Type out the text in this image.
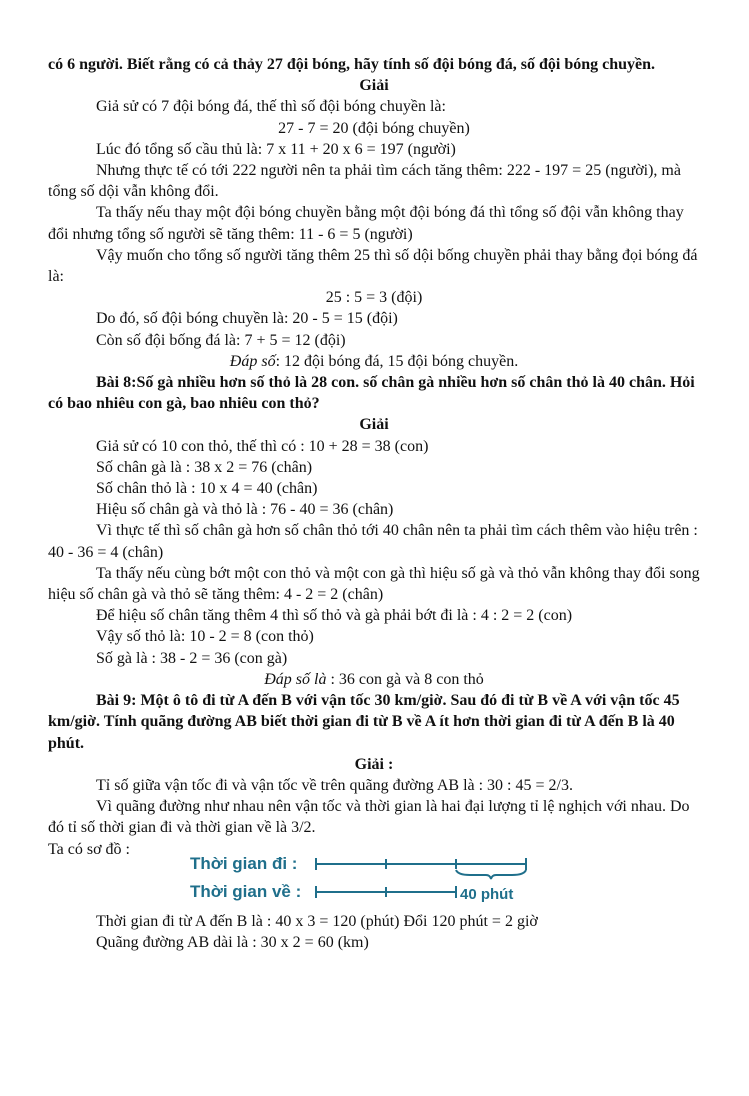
có 6 người. Biết rằng có cả thảy 27 đội bóng, hãy tính số đội bóng đá, số đội bóng chuyền.

Giải

Giả sử có 7 đội bóng đá, thế thì số đội bóng chuyền là:

27 - 7 = 20 (đội bóng chuyền)

Lúc đó tổng số cầu thủ là: 7 x 11 + 20 x 6 = 197 (người)

Nhưng thực tế có tới 222 người nên ta phải tìm cách tăng thêm: 222 - 197 = 25 (người), mà tổng số dội vẫn không đổi.

Ta thấy nếu thay một đội bóng chuyền bằng một đội bóng đá thì tổng số đội vẫn không thay đổi nhưng tổng số người sẽ tăng thêm: 11 - 6 = 5 (người)

Vậy muốn cho tổng số người tăng thêm 25 thì số dội bống chuyền phải thay bằng đọi bóng đá là:

25 : 5 = 3 (đội)

Do đó, số đội bóng chuyền là: 20 - 5 = 15 (đội)

Còn số đội bống đá là: 7 + 5 = 12 (đội)

Đáp số: 12 đội bóng đá, 15 đội bóng chuyền.

Bài 8:Số gà nhiều hơn số thỏ là 28 con. số chân gà nhiều hơn số chân thỏ là 40 chân. Hỏi có bao nhiêu con gà, bao nhiêu con thỏ?

Giải

Giả sử có 10 con thỏ, thế thì có : 10 + 28 = 38 (con)

Số chân gà là : 38 x 2 = 76 (chân)

Số chân thỏ là : 10 x 4 = 40 (chân)

Hiệu số chân gà và thỏ là : 76 - 40 = 36 (chân)

Vì thực tế thì số chân gà hơn số chân thỏ tới 40 chân nên ta phải tìm cách thêm vào hiệu trên : 40 - 36 = 4 (chân)

Ta thấy nếu cùng bớt một con thỏ và một con gà thì hiệu số gà và thỏ vẫn không thay đổi song hiệu số chân gà và thỏ sẽ tăng thêm: 4 - 2 = 2 (chân)

Để hiệu số chân tăng thêm 4 thì số thỏ và gà phải bớt đi là : 4 : 2 = 2 (con)

Vậy số thỏ là: 10 - 2 = 8 (con thỏ)

Số gà là : 38 - 2 = 36 (con gà)

Đáp số là : 36 con gà và 8 con thỏ

Bài 9: Một ô tô đi từ A đến B với vận tốc 30 km/giờ. Sau đó đi từ B về A với vận tốc 45 km/giờ. Tính quãng đường AB biết thời gian đi từ B về A ít hơn thời gian đi từ A đến B là 40 phút.

Giải :

Tỉ số giữa vận tốc đi và vận tốc về trên quãng đường AB là : 30 : 45 = 2/3.

Vì quãng đường như nhau nên vận tốc và thời gian là hai đại lượng tỉ lệ nghịch với nhau. Do đó tỉ số thời gian đi và thời gian về là 3/2.

Ta có sơ đồ :
Thời gian đi :
Thời gian về :	40 phút

Thời gian đi từ A đến B là : 40 x 3 = 120 (phút) Đổi 120 phút = 2 giờ

Quãng đường AB dài là : 30 x 2 = 60 (km)
